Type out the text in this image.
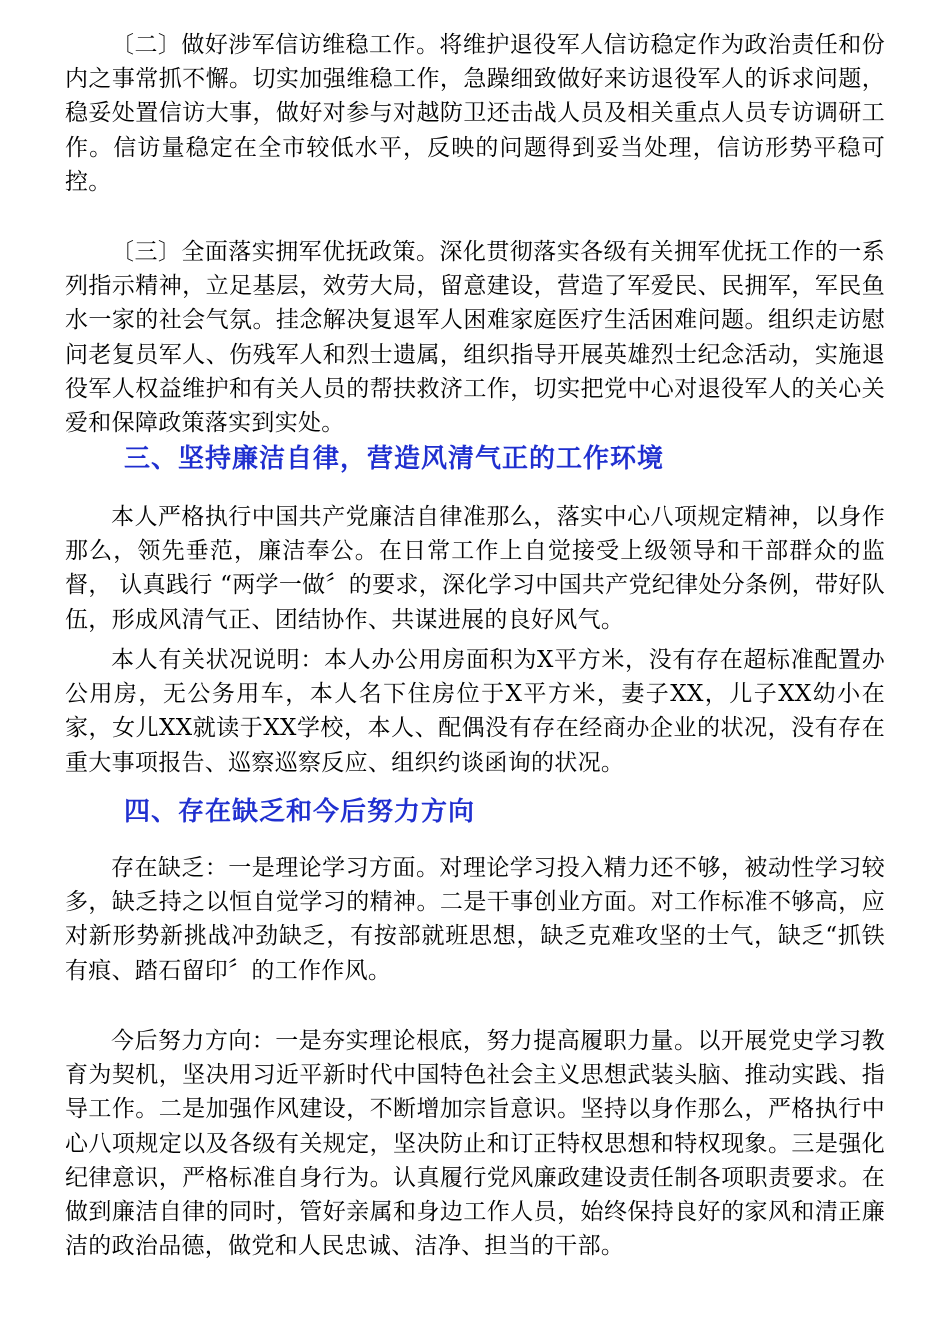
〔二〕做好涉军信访维稳工作。将维护退役军人信访稳定作为政治责任和份内之事常抓不懈。切实加强维稳工作，急躁细致做好来访退役军人的诉求问题，稳妥处置信访大事，做好对参与对越防卫还击战人员及相关重点人员专访调研工作。信访量稳定在全市较低水平，反映的问题得到妥当处理，信访形势平稳可控。

〔三〕全面落实拥军优抚政策。深化贯彻落实各级有关拥军优抚工作的一系列指示精神，立足基层，效劳大局，留意建设，营造了军爱民、民拥军，军民鱼水一家的社会气氛。挂念解决复退军人困难家庭医疗生活困难问题。组织走访慰问老复员军人、伤残军人和烈士遗属，组织指导开展英雄烈士纪念活动，实施退役军人权益维护和有关人员的帮扶救济工作，切实把党中心对退役军人的关心关爱和保障政策落实到实处。

三、坚持廉洁自律，营造风清气正的工作环境

本人严格执行中国共产党廉洁自律准那么，落实中心八项规定精神，以身作那么，领先垂范，廉洁奉公。在日常工作上自觉接受上级领导和干部群众的监督， 认真践行 “两学一做〞的要求，深化学习中国共产党纪律处分条例，带好队伍，形成风清气正、团结协作、共谋进展的良好风气。

本人有关状况说明：本人办公用房面积为X平方米，没有存在超标准配置办公用房，无公务用车，本人名下住房位于X平方米，妻子XX，儿子XX幼小在家，女儿XX就读于XX学校，本人、配偶没有存在经商办企业的状况，没有存在重大事项报告、巡察巡察反应、组织约谈函询的状况。

四、存在缺乏和今后努力方向

存在缺乏：一是理论学习方面。对理论学习投入精力还不够，被动性学习较多，缺乏持之以恒自觉学习的精神。二是干事创业方面。对工作标准不够高，应对新形势新挑战冲劲缺乏，有按部就班思想，缺乏克难攻坚的士气，缺乏“抓铁有痕、踏石留印〞的工作作风。

今后努力方向：一是夯实理论根底，努力提高履职力量。以开展党史学习教育为契机，坚决用习近平新时代中国特色社会主义思想武装头脑、推动实践、指导工作。二是加强作风建设，不断增加宗旨意识。坚持以身作那么，严格执行中心八项规定以及各级有关规定，坚决防止和订正特权思想和特权现象。三是强化纪律意识，严格标准自身行为。认真履行党风廉政建设责任制各项职责要求。在做到廉洁自律的同时，管好亲属和身边工作人员，始终保持良好的家风和清正廉洁的政治品德，做党和人民忠诚、洁净、担当的干部。
